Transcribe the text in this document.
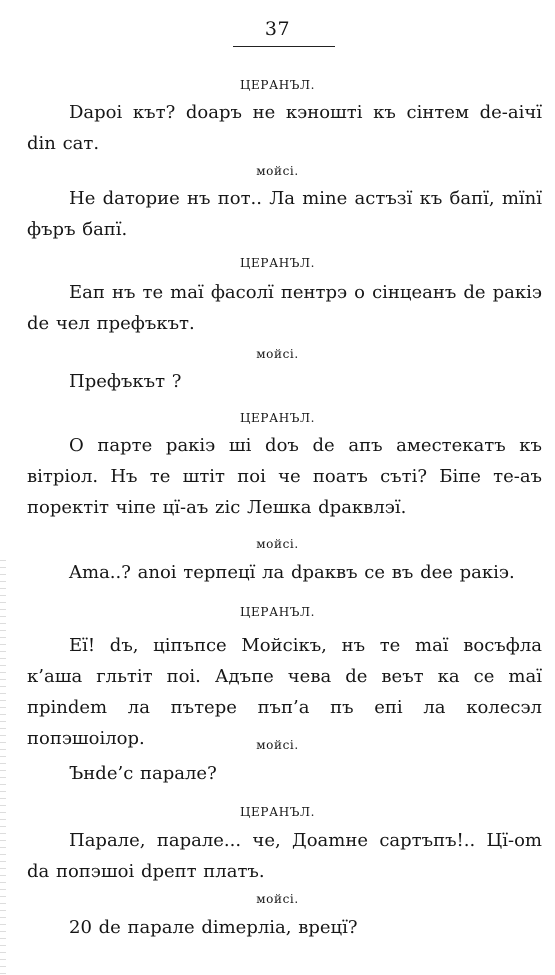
37
ЦЕРАНЪЛ.
Dapoi кът? doaръ не кэноштi къ сiнтем de-aiчï din сат.
мойсi.
Не daториe нъ пот.. Ла mine астъзï къ бапï, mïnï фъръ бапï.
ЦЕРАНЪЛ.
Еап нъ те maï фасолï пентрэ о сiнцеанъ de ракiэ de чел префъкът.
мойсi.
Префъкът ?
ЦЕРАНЪЛ.
О парте ракiэ шi dоъ de апъ аместекатъ къ вiтрiол. Нъ те штiт поi че поатъ сътi? Бiпе те-аъ поректiт чiпе цï-аъ zic Лешка dраквлэï.
мойсi.
Ama..? anoi терпецï ла dраквъ се въ dee ракiэ.
ЦЕРАНЪЛ.
Еï! dъ, цiпъпсе Мойсiкъ, нъ те maï восъфла к’аша гльтiт поi. Адъпе чева de веът ка се maï прindem ла пътере пъп’а пъ епi ла колесэл попэшоiлор.	мойсi.
Ънde’с парале?
ЦЕРАНЪЛ.
Парале, парале... че, Доamне сартъпъ!.. Цï-om da попэшоi dрепт платъ.
мойсi.
20 de парале dimерлiа, врецï?
